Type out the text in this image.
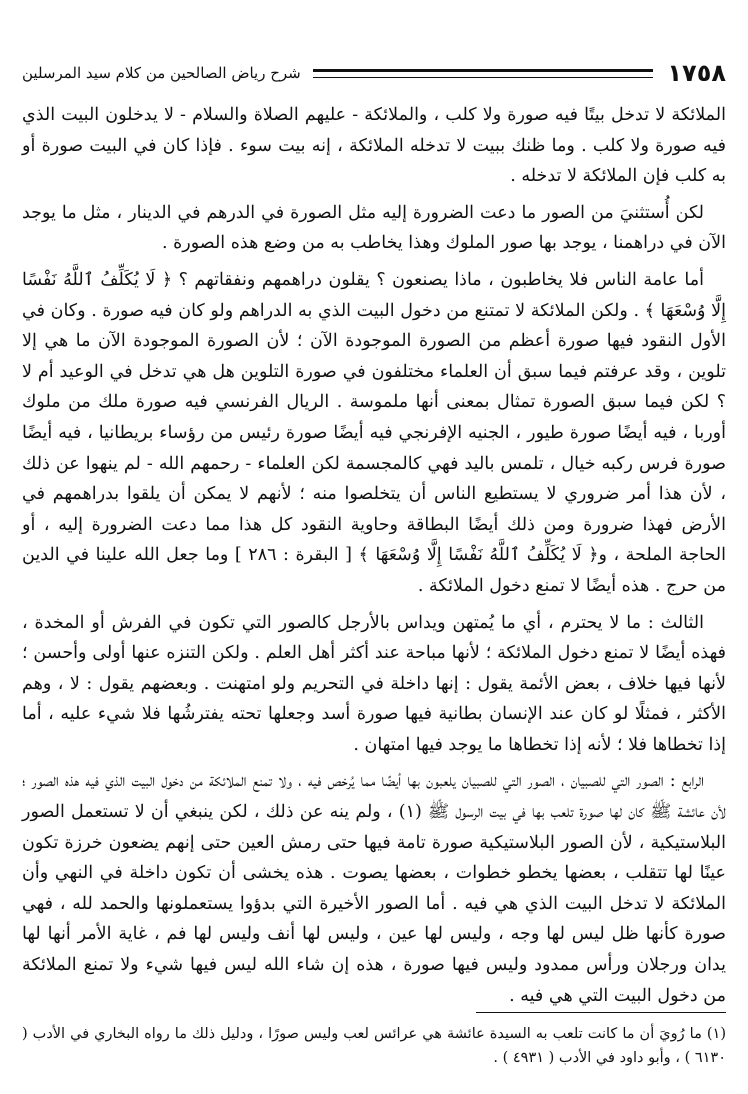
١٧٥٨
شرح رياض الصالحين من كلام سيد المرسلين

الملائكة لا تدخل بيتًا فيه صورة ولا كلب ، والملائكة - عليهم الصلاة والسلام - لا يدخلون البيت الذي فيه صورة ولا كلب . وما ظنك ببيت لا تدخله الملائكة ، إنه بيت سوء . فإذا كان في البيت صورة أو به كلب فإن الملائكة لا تدخله .

لكن أُستثنيَ من الصور ما دعت الضرورة إليه مثل الصورة في الدرهم في الدينار ، مثل ما يوجد الآن في دراهمنا ، يوجد بها صور الملوك وهذا يخاطب به من وضع هذه الصورة .

أما عامة الناس فلا يخاطبون ، ماذا يصنعون ؟ يقلون دراهمهم ونفقاتهم ؟ ﴿ لَا يُكَلِّفُ ٱللَّهُ نَفْسًا إِلَّا وُسْعَهَا ﴾ . ولكن الملائكة لا تمتنع من دخول البيت الذي به الدراهم ولو كان فيه صورة . وكان في الأول النقود فيها صورة أعظم من الصورة الموجودة الآن ؛ لأن الصورة الموجودة الآن ما هي إلا تلوين ، وقد عرفتم فيما سبق أن العلماء مختلفون في صورة التلوين هل هي تدخل في الوعيد أم لا ؟ لكن فيما سبق الصورة تمثال بمعنى أنها ملموسة . الريال الفرنسي فيه صورة ملك من ملوك أوربا ، فيه أيضًا صورة طيور ، الجنيه الإفرنجي فيه أيضًا صورة رئيس من رؤساء بريطانيا ، فيه أيضًا صورة فرس ركبه خيال ، تلمس باليد فهي كالمجسمة لكن العلماء - رحمهم الله - لم ينهوا عن ذلك ، لأن هذا أمر ضروري لا يستطيع الناس أن يتخلصوا منه ؛ لأنهم لا يمكن أن يلقوا بدراهمهم في الأرض فهذا ضرورة ومن ذلك أيضًا البطاقة وحاوية النقود كل هذا مما دعت الضرورة إليه ، أو الحاجة الملحة ، و﴿ لَا يُكَلِّفُ ٱللَّهُ نَفْسًا إِلَّا وُسْعَهَا ﴾ [ البقرة : ٢٨٦ ] وما جعل الله علينا في الدين من حرج . هذه أيضًا لا تمنع دخول الملائكة .

الثالث : ما لا يحترم ، أي ما يُمتهن ويداس بالأرجل كالصور التي تكون في الفرش أو المخدة ، فهذه أيضًا لا تمنع دخول الملائكة ؛ لأنها مباحة عند أكثر أهل العلم . ولكن التنزه عنها أولى وأحسن ؛ لأنها فيها خلاف ، بعض الأئمة يقول : إنها داخلة في التحريم ولو امتهنت . وبعضهم يقول : لا ، وهم الأكثر ، فمثلًا لو كان عند الإنسان بطانية فيها صورة أسد وجعلها تحته يفترشُها فلا شيء عليه ، أما إذا تخطاها فلا ؛ لأنه إذا تخطاها ما يوجد فيها امتهان .

الرابع : الصور التي للصبيان ، الصور التي للصبيان يلعبون بها أيضًا مما يُرخص فيه ، ولا تمنع الملائكة من دخول البيت الذي فيه هذه الصور ؛ لأن عائشة ﷺ كان لها صورة تلعب بها في بيت الرسول ﷺ (١) ، ولم ينه عن ذلك ، لكن ينبغي أن لا تستعمل الصور البلاستيكية ، لأن الصور البلاستيكية صورة تامة فيها حتى رمش العين حتى إنهم يضعون خرزة تكون عينًا لها تتقلب ، بعضها يخطو خطوات ، بعضها يصوت . هذه يخشى أن تكون داخلة في النهي وأن الملائكة لا تدخل البيت الذي هي فيه . أما الصور الأخيرة التي بدؤوا يستعملونها والحمد لله ، فهي صورة كأنها ظل ليس لها وجه ، وليس لها عين ، وليس لها أنف وليس لها فم ، غاية الأمر أنها لها يدان ورجلان ورأس ممدود وليس فيها صورة ، هذه إن شاء الله ليس فيها شيء ولا تمنع الملائكة من دخول البيت التي هي فيه .

(١) ما رُويَ أن ما كانت تلعب به السيدة عائشة هي عرائس لعب وليس صورًا ، ودليل ذلك ما رواه البخاري في الأدب ( ٦١٣٠ ) ، وأبو داود في الأدب ( ٤٩٣١ ) .
